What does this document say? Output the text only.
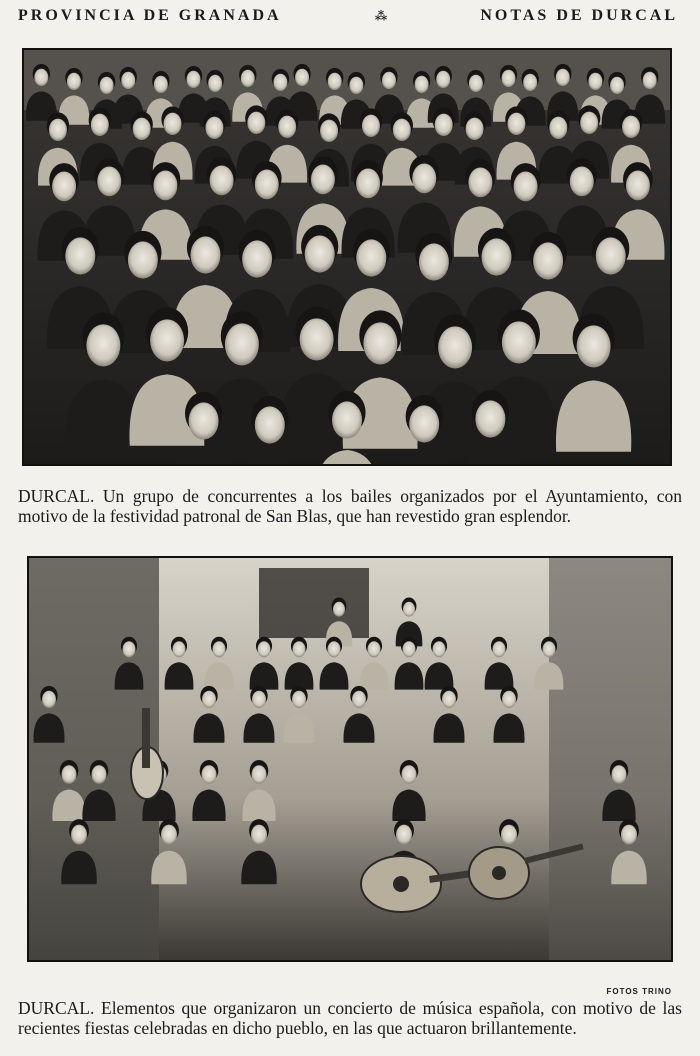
PROVINCIA DE GRANADA	⁂	NOTAS DE DURCAL
DURCAL. Un grupo de concurrentes a los bailes organizados por el Ayuntamiento, con motivo de la festividad patronal de San Blas, que han revestido gran esplendor.
FOTOS TRINO
DURCAL. Elementos que organizaron un concierto de música española, con motivo de las recientes fiestas celebradas en dicho pueblo, en las que actuaron brillantemente.
